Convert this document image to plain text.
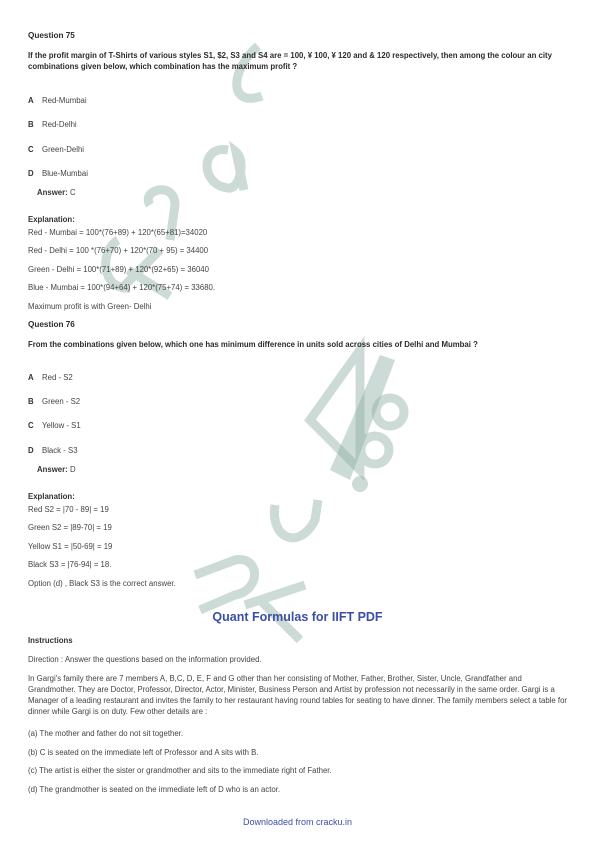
Question 75
If the profit margin of T-Shirts of various styles S1, $2, S3 and S4 are = 100, ¥ 100, ¥ 120 and & 120 respectively, then among the colour an city combinations given below, which combination has the maximum profit ?
A Red-Mumbai
B Red-Delhi
C Green-Delhi
D Blue-Mumbai
Answer: C
Explanation:
Red - Mumbai = 100*(76+89) + 120*(65+81)=34020
Red - Delhi = 100 *(76+70) + 120*(70 + 95) = 34400
Green - Delhi = 100*(71+89) + 120*(92+65) = 36040
Blue - Mumbai = 100*(94+64) + 120*(75+74) = 33680.
Maximum profit is with Green- Delhi
Question 76
From the combinations given below, which one has minimum difference in units sold across cities of Delhi and Mumbai ?
A Red - S2
B Green - S2
C Yellow - S1
D Black - S3
Answer: D
Explanation:
Red S2 = |70 - 89| = 19
Green S2 = |89-70| = 19
Yellow S1 = |50-69| = 19
Black S3 = |76-94| = 18.
Option (d) , Black S3 is the correct answer.
Quant Formulas for IIFT PDF
Instructions
Direction : Answer the questions based on the information provided.
In Gargi's family there are 7 members A, B,C, D, E, F and G other than her consisting of Mother, Father, Brother, Sister, Uncle, Grandfather and Grandmother. They are Doctor, Professor, Director, Actor, Minister, Business Person and Artist by profession not necessarily in the same order. Gargi is a Manager of a leading restaurant and invites the family to her restaurant having round tables for seating to have dinner. The family members select a table for dinner while Gargi is on duty. Few other details are :
(a) The mother and father do not sit together.
(b) C is seated on the immediate left of Professor and A sits with B.
(c) The artist is either the sister or grandmother and sits to the immediate right of Father.
(d) The grandmother is seated on the immediate left of D who is an actor.
Downloaded from cracku.in
